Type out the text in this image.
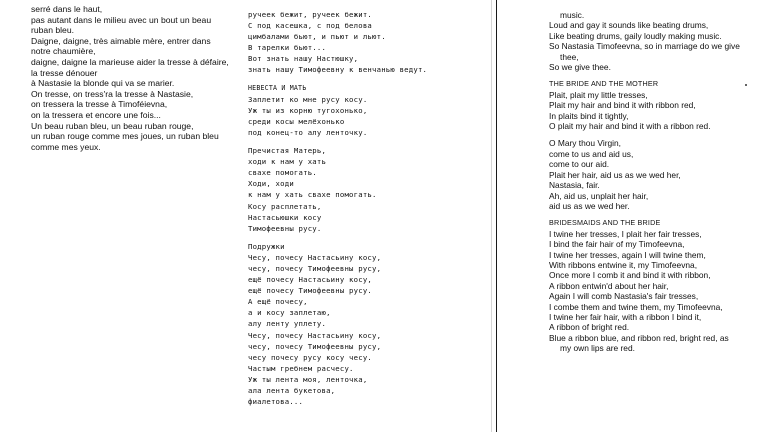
serré dans le haut,
pas autant dans le milieu avec un bout un beau
ruban bleu.
Daigne, daigne, très aimable mère, entrer dans
notre chaumière,
daigne, daigne la marieuse aider la tresse à défaire,
la tresse dénouer
à Nastasie la blonde qui va se marier.
On tresse, on tress'ra la tresse à Nastasie,
on tressera la tresse à Timoféievna,
on la tressera et encore une fois...
Un beau ruban bleu, un beau ruban rouge,
un ruban rouge comme mes joues, un ruban bleu
comme mes yeux.
ручеек бежит, ручеек бежит.
С под касешка, с под белова
цимбалами бьют, и пьют и льют.
В тарелки бьют...
Вот знать нашу Настюшку,
знать нашу Тимофеевну к венчанью ведут.
НЕВЕСТА И МАТЬ
Заплетит ко мне русу косу.
Уж ты из корню тугохонько,
среди косы мелёхонько
под конец-то алу ленточку.
Пречистая Матерь,
ходи к нам у хать
свахе помогать.
Ходи, ходи
к нам у хать свахе помогать.
Косу расплетать,
Настасьюшки косу
Тимофеевны русу.
Подружки
Чесу, почесу Настасьину косу,
чесу, почесу Тимофеевны русу,
ещё почесу Настасьину косу,
ещё почесу Тимофеевны русу.
А ещё почесу,
а и косу заплетаю,
алу ленту уплету.
Чесу, почесу Настасьину косу,
чесу, почесу Тимофеевны русу,
чесу почесу русу косу чесу.
Частым гребнем расчесу.
Уж ты лента моя, ленточка,
ала лента букетова,
фиалетова...
music.
Loud and gay it sounds like beating drums,
Like beating drums, gaily loudly making music.
So Nastasia Timofeevna, so in marriage do we give
thee,
So we give thee.
THE BRIDE AND THE MOTHER
Plait, plait my little tresses,
Plait my hair and bind it with ribbon red,
In plaits bind it tightly,
O plait my hair and bind it with a ribbon red.
O Mary thou Virgin,
come to us and aid us,
come to our aid.
Plait her hair, aid us as we wed her,
Nastasia, fair.
Ah, aid us, unplait her hair,
aid us as we wed her.
BRIDESMAIDS AND THE BRIDE
I twine her tresses, I plait her fair tresses,
I bind the fair hair of my Timofeevna,
I twine her tresses, again I will twine them,
With ribbons entwine it, my Timofeevna,
Once more I comb it and bind it with ribbon,
A ribbon entwin'd about her hair,
Again I will comb Nastasia's fair tresses,
I combe them and twine them, my Timofeevna,
I twine her fair hair, with a ribbon I bind it,
A ribbon of bright red.
Blue a ribbon blue, and ribbon red, bright red, as
my own lips are red.
